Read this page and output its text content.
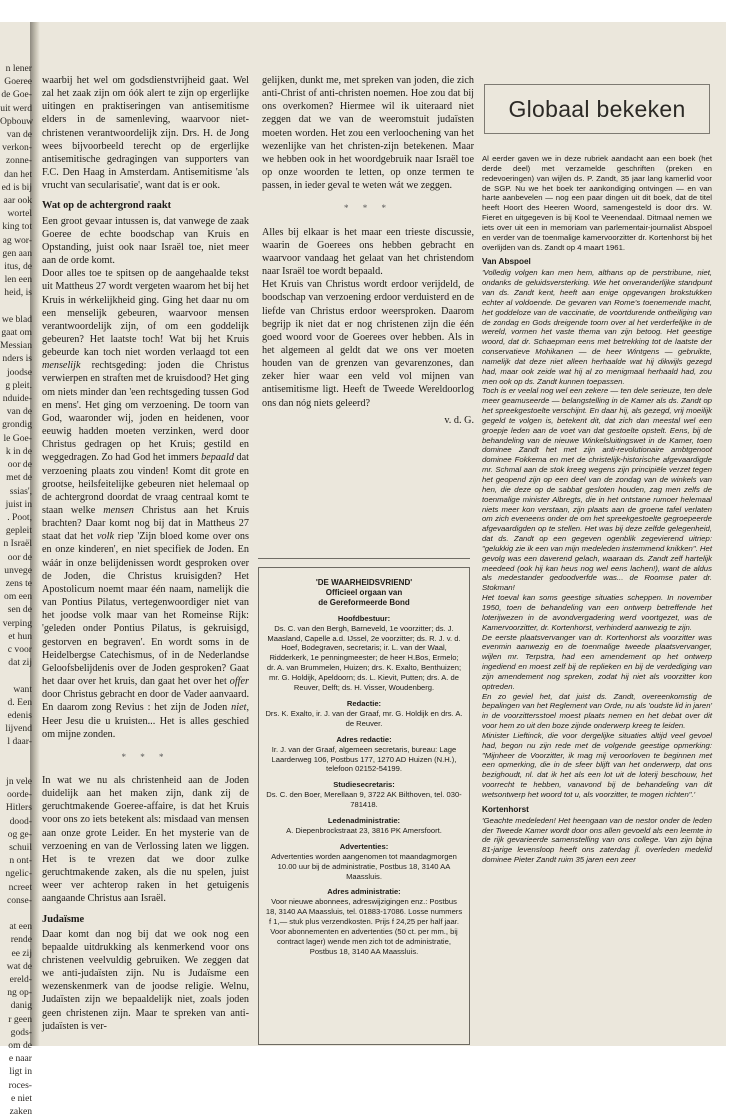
n lener
Goeree
de Goe-
uit werd
Opbouw
van de
verkon-
zonne-
dan het
ed is bij
aar ook
wortel
king tot
ag wor-
gen aan
itus, de
len een
heid, is

we blad
gaat om
Messian
nders is
joodse
g pleit.
nduide-
van de
grondig
le Goe-
k in de
oor de
met de
ssias',
juist in
. Poot,
gepleit
n Israël
oor de
unvege
zens te
om een
sen de
verping
et hun
c voor
dat zij

want
d. Een
edenis
lijvend
l daar-

jn vele
oorde-
Hitlers
dood-
og ge-
schuil
n ont-
ngelic-
ncreet
conse-

at een
rende
ee zij
wat de
ereld-
ng op-
danig
r geen
gods-
om de
e naar
ligt in
roces-
e niet
zaken

waarbij het wel om godsdienstvrijheid gaat. Wel zal het zaak zijn om óók alert te zijn op ergerlijke uitingen en praktiseringen van antisemitisme elders in de samenleving, waarvoor niet-christenen verantwoordelijk zijn. Drs. H. de Jong wees bijvoorbeeld terecht op de ergerlijke antisemitische gedragingen van supporters van F.C. Den Haag in Amsterdam. Antisemitisme 'als vrucht van secularisatie', want dat is er ook.

Wat op de achtergrond raakt

Een groot gevaar intussen is, dat vanwege de zaak Goeree de echte boodschap van Kruis en Opstanding, juist ook naar Israël toe, niet meer aan de orde komt.

Door alles toe te spitsen op de aangehaalde tekst uit Mattheus 27 wordt vergeten waarom het bij het Kruis in wérkelijkheid ging. Ging het daar nu om een menselijk gebeuren, waarvoor mensen verantwoordelijk zijn, of om een goddelijk gebeuren? Het laatste toch! Wat bij het Kruis gebeurde kan toch niet worden verlaagd tot een menselijk rechtsgeding: joden die Christus verwierpen en straften met de kruisdood? Het ging om niets minder dan 'een rechtsgeding tussen God en mens'. Het ging om verzoening. De toorn van God, waaronder wij, joden en heidenen, voor eeuwig hadden moeten verzinken, werd door Christus gedragen op het Kruis; gestild en weggedragen. Zo had God het immers bepaald dat verzoening plaats zou vinden! Komt dit grote en grootse, heilsfeitelijke gebeuren niet helemaal op de achtergrond doordat de vraag centraal komt te staan welke mensen Christus aan het Kruis brachten? Daar komt nog bij dat in Mattheus 27 staat dat het volk riep 'Zijn bloed kome over ons en onze kinderen', en niet specifiek de Joden. En wáár in onze belijdenissen wordt gesproken over de Joden, die Christus kruisigden? Het Apostolicum noemt maar één naam, namelijk die van Pontius Pilatus, vertegenwoordiger niet van het joodse volk maar van het Romeinse Rijk: 'geleden onder Pontius Pilatus, is gekruisigd, gestorven en begraven'. En wordt soms in de Heidelbergse Catechismus, of in de Nederlandse Geloofsbelijdenis over de Joden gesproken? Gaat het daar over het kruis, dan gaat het over het offer door Christus gebracht en door de Vader aanvaard. En daarom zong Revius : het zijn de Joden niet, Heer Jesu die u kruisten... Het is alles geschied om mijne zonden.

* * *

In wat we nu als christenheid aan de Joden duidelijk aan het maken zijn, dank zij de geruchtmakende Goeree-affaire, is dat het Kruis voor ons zo iets betekent als: misdaad van mensen aan onze grote Leider. En het mysterie van de verzoening en van de Verlossing laten we liggen. Het is te vrezen dat we door zulke geruchtmakende zaken, als die nu spelen, juist weer ver achterop raken in het getuigenis aangaande Christus aan Israël.

Judaïsme

Daar komt dan nog bij dat we ook nog een bepaalde uitdrukking als kenmerkend voor ons christenen veelvuldig gebruiken. We zeggen dat we anti-judaïsten zijn. Nu is Judaïsme een wezenskenmerk van de joodse religie. Welnu, Judaïsten zijn we bepaaldelijk niet, zoals joden geen christenen zijn. Maar te spreken van anti-judaïsten is ver-

gelijken, dunkt me, met spreken van joden, die zich anti-Christ of anti-christen noemen. Hoe zou dat bij ons overkomen? Hiermee wil ik uiteraard niet zeggen dat we van de weeromstuit judaïsten moeten worden. Het zou een verloochening van het wezenlijke van het christen-zijn betekenen. Maar we hebben ook in het woordgebruik naar Israël toe op onze woorden te letten, op onze termen te passen, in ieder geval te weten wát we zeggen.

* * *

Alles bij elkaar is het maar een trieste discussie, waarin de Goerees ons hebben gebracht en waarvoor vandaag het gelaat van het christendom naar Israël toe wordt bepaald.

Het Kruis van Christus wordt erdoor verijdeld, de boodschap van verzoening erdoor verduisterd en de liefde van Christus erdoor weersproken. Daarom begrijp ik niet dat er nog christenen zijn die één goed woord voor de Goerees over hebben. Als in het algemeen al geldt dat we ons ver moeten houden van de grenzen van gevarenzones, dan zeker hier waar een veld vol mijnen van antisemitisme ligt. Heeft de Tweede Wereldoorlog ons dan nóg niets geleerd?

v. d. G.
'DE WAARHEIDSVRIEND'
Officieel orgaan van
de Gereformeerde Bond
Hoofdbestuur:
Ds. C. van den Bergh, Barneveld, 1e voorzitter; ds. J. Maasland, Capelle a.d. IJssel, 2e voorzitter; ds. R. J. v. d. Hoef, Bodegraven, secretaris; ir. L. van der Waal, Ridderkerk, 1e penningmeester; de heer H.Bos, Ermelo; dr. A. van Brummelen, Huizen; drs. K. Exalto, Benthuizen; mr. G. Holdijk, Apeldoorn; ds. L. Kievit, Putten; drs. A. de Reuver, Delft; ds. H. Visser, Woudenberg.
Redactie:
Drs. K. Exalto, ir. J. van der Graaf, mr. G. Holdijk en drs. A. de Reuver.
Adres redactie:
Ir. J. van der Graaf, algemeen secretaris, bureau: Lage Laarderweg 106, Postbus 177, 1270 AD Huizen (N.H.), telefoon 02152-54199.
Studiesecretaris:
Ds. C. den Boer, Merellaan 9, 3722 AK Bilthoven, tel. 030-781418.
Ledenadministratie:
A. Diepenbrockstraat 23, 3816 PK Amersfoort.
Advertenties:
Advertenties worden aangenomen tot maandagmorgen 10.00 uur bij de administratie, Postbus 18, 3140 AA Maassluis.
Adres administratie:
Voor nieuwe abonnees, adreswijzigingen enz.: Postbus 18, 3140 AA Maassluis, tel. 01883-17086. Losse nummers f 1,— stuk plus verzendkosten. Prijs f 24,25 per half jaar. Voor abonnementen en advertenties (50 ct. per mm., bij contract lager) wende men zich tot de administratie, Postbus 18, 3140 AA Maassluis.
Globaal bekeken

Al eerder gaven we in deze rubriek aandacht aan een boek (het derde deel) met verzamelde geschriften (preken en redevoeringen) van wijlen ds. P. Zandt, 35 jaar lang kamerlid voor de SGP. Nu we het boek ter aankondiging ontvingen — en van harte aanbevelen — nog een paar dingen uit dit boek, dat de titel heeft Hoort des Heeren Woord, samengesteld is door drs. W. Fieret en uitgegeven is bij Kool te Veenendaal. Ditmaal nemen we iets over uit een in memoriam van parlementair-journalist Abspoel en verder van de toenmalige kamervoorzitter dr. Kortenhorst bij het overlijden van ds. Zandt op 4 maart 1961.

Van Abspoel

'Volledig volgen kan men hem, althans op de perstribune, niet, ondanks de geluidsversterking. Wie het onveranderlijke standpunt van ds. Zandt kent, heeft aan enige opgevangen brokstukken echter al voldoende. De gevaren van Rome's toenemende macht, het goddeloze van de vaccinatie, de voortdurende ontheiliging van de zondag en Gods dreigende toorn over al het verderfelijke in de wereld, vormen het vaste thema van zijn betoog. Het geestige woord, dat dr. Schaepman eens met betrekking tot de laatste der conservatieve Mohikanen — de heer Wintgens — gebruikte, namelijk dat deze niet alleen herhaalde wat hij dikwijls gezegd had, maar ook zeide wat hij al zo menigmaal herhaald had, zou men ook op ds. Zandt kunnen toepassen.

Toch is er veelal nog wel een zekere — ten dele serieuze, ten dele meer geamuseerde — belangstelling in de Kamer als ds. Zandt op het spreekgestoelte verschijnt. En daar hij, als gezegd, vrij moeilijk gegeld te volgen is, betekent dit, dat zich dan meestal wel een groepje leden aan de voet van dat gestoelte opstelt. Eens, bij de behandeling van de nieuwe Winkelsluitingswet in de Kamer, toen dominee Zandt het met zijn anti-revolutionaire ambtgenoot dominee Fokkema en met de christelijk-historische afgevaardigde mr. Schmal aan de stok kreeg wegens zijn principiële verzet tegen het geopend zijn op een deel van de zondag van de winkels van hen, die deze op de sabbat gesloten houden, zag men zelfs de toenmalige minister Albregts, die in het ontstane rumoer helemaal niets meer kon verstaan, zijn plaats aan de groene tafel verlaten om zich eveneens onder de om het spreekgestoelte gegroepeerde afgevaardigden op te stellen. Het was bij deze zelfde gelegenheid, dat ds. Zandt op een gegeven ogenblik zegevierend uitriep: "gelukkig zie ik een van mijn medeleden instemmend knikken". Het gevolg was een daverend gelach, waaraan ds. Zandt zelf hartelijk meedeed (ook hij kan heus nog wel eens lachen!), want de aldus als medestander gedoodverfde was... de Roomse pater dr. Stokman!

Het toeval kan soms geestige situaties scheppen. In november 1950, toen de behandeling van een ontwerp betreffende het loterijwezen in de avondvergadering werd voortgezet, was de Kamervoorzitter, dr. Kortenhorst, verhinderd aanwezig te zijn.

De eerste plaatsvervanger van dr. Kortenhorst als voorzitter was evenmin aanwezig en de toenmalige tweede plaatsvervanger, wijlen mr. Terpstra, had een amendement op het ontwerp ingediend en moest zelf bij de replieken en bij de verdediging van zijn amendement nog spreken, zodat hij niet als voorzitter kon optreden.

En zo geviel het, dat juist ds. Zandt, overeenkomstig de bepalingen van het Reglement van Orde, nu als 'oudste lid in jaren' in de voorzittersstoel moest plaats nemen en het debat over dit voor hem zo uit den boze zijnde onderwerp kreeg te leiden.

Minister Lieftinck, die voor dergelijke situaties altijd veel gevoel had, begon nu zijn rede met de volgende geestige opmerking: "Mijnheer de Voorzitter, ik mag mij veroorloven te beginnen met een opmerking, die in de sfeer blijft van het onderwerp, dat ons bezighoudt, nl. dat ik het als een lot uit de loterij beschouw, het voorrecht te hebben, vanavond bij de behandeling van dit wetsontwerp het woord tot u, als voorzitter, te mogen richten".'

Kortenhorst

'Geachte medeleden! Het heengaan van de nestor onder de leden der Tweede Kamer wordt door ons allen gevoeld als een leemte in de rijk gevarieerde samenstelling van ons college. Van zijn bijna 81-jarige levensloop heeft ons zaterdag jl. overleden medelid dominee Pieter Zandt ruim 35 jaren een zeer
